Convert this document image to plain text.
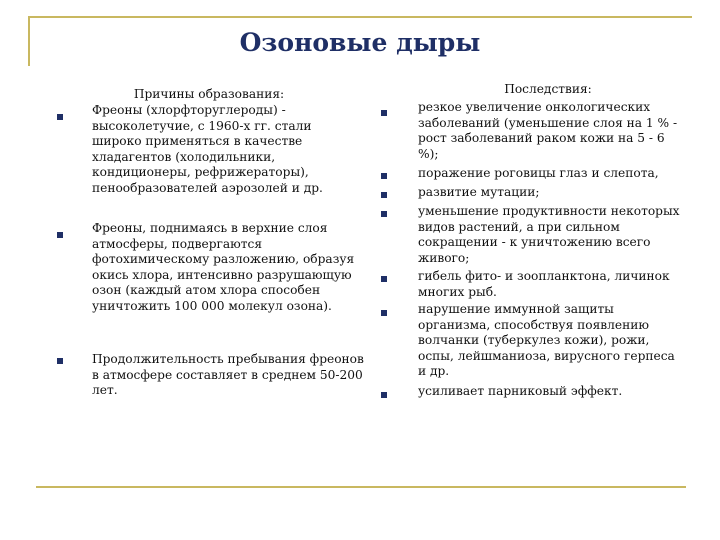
Озоновые дыры
Причины образования:
Фреоны (хлорфторуглероды) - высоколетучие, с 1960-х гг. стали широко применяться в качестве хладагентов (холодильники, кондиционеры, рефрижераторы), пенообразователей аэрозолей и др.
Фреоны, поднимаясь в верхние слоя атмосферы, подвергаются фотохимическому разложению, образуя окись хлора, интенсивно разрушающую озон (каждый атом хлора способен уничтожить 100 000 молекул озона).
Продолжительность пребывания фреонов в атмосфере составляет в среднем 50-200 лет.
Последствия:
резкое увеличение онкологических заболеваний (уменьшение слоя на 1 % - рост заболеваний раком кожи на 5 - 6 %);
поражение роговицы глаз и слепота,
развитие мутации;
уменьшение продуктивности некоторых видов растений, а при сильном сокращении - к уничтожению всего живого;
гибель фито- и зоопланктона, личинок многих рыб.
нарушение иммунной защиты организма, способствуя появлению волчанки (туберкулез кожи), рожи, оспы, лейшманиоза, вирусного герпеса и др.
усиливает парниковый эффект.
